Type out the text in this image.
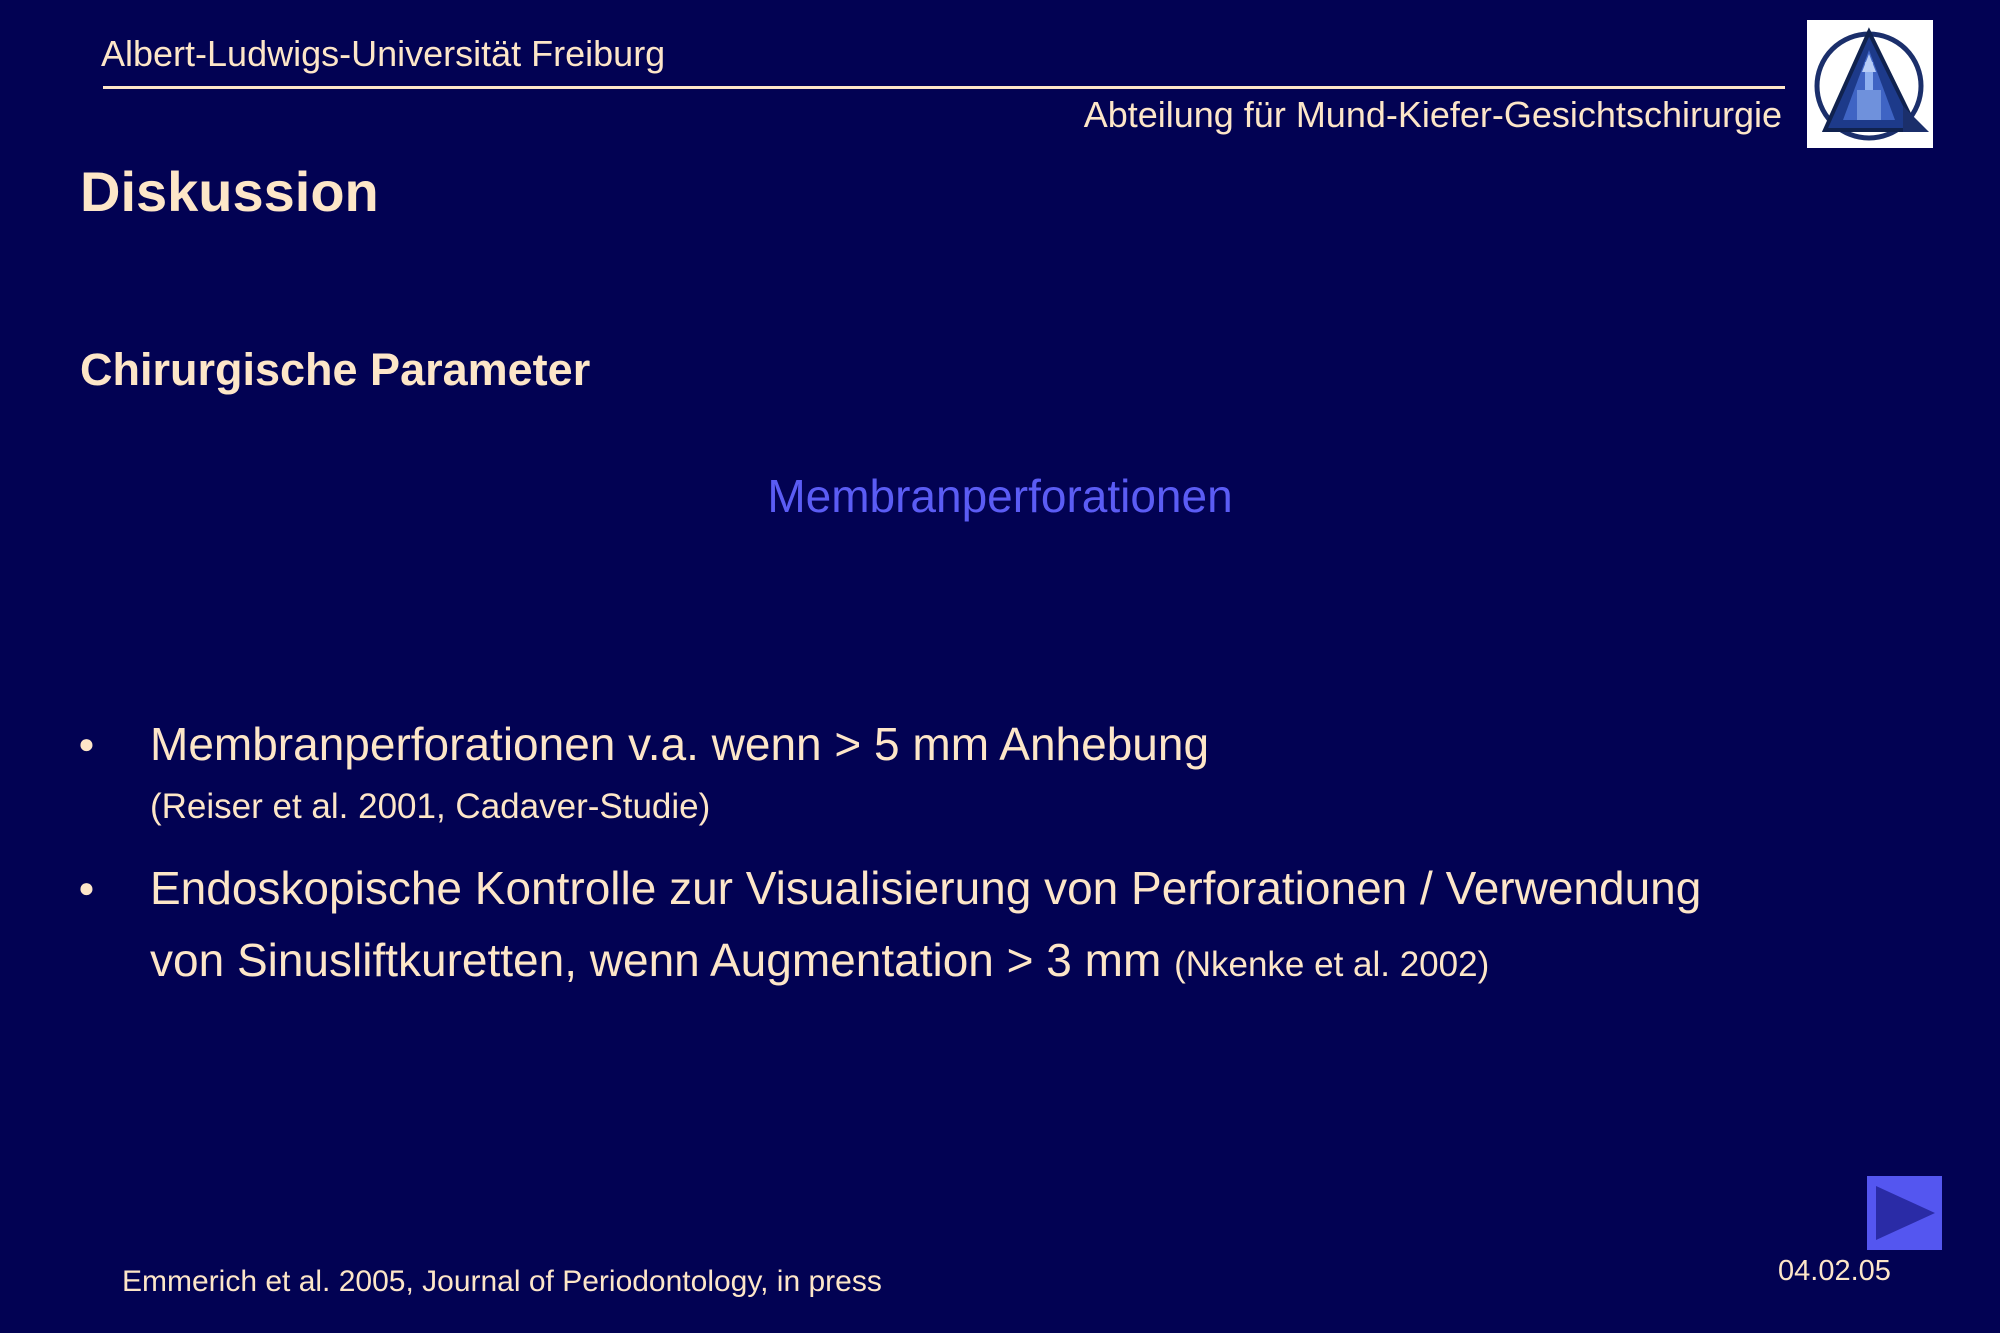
Albert-Ludwigs-Universität Freiburg
Abteilung für Mund-Kiefer-Gesichtschirurgie
Diskussion
Chirurgische Parameter
Membranperforationen
● Membranperforationen v.a. wenn > 5 mm Anhebung
(Reiser et al. 2001, Cadaver-Studie)
● Endoskopische Kontrolle zur Visualisierung von Perforationen / Verwendung
von Sinusliftkuretten, wenn Augmentation > 3 mm (Nkenke et al. 2002)
Emmerich et al. 2005, Journal of Periodontology, in press	04.02.05
